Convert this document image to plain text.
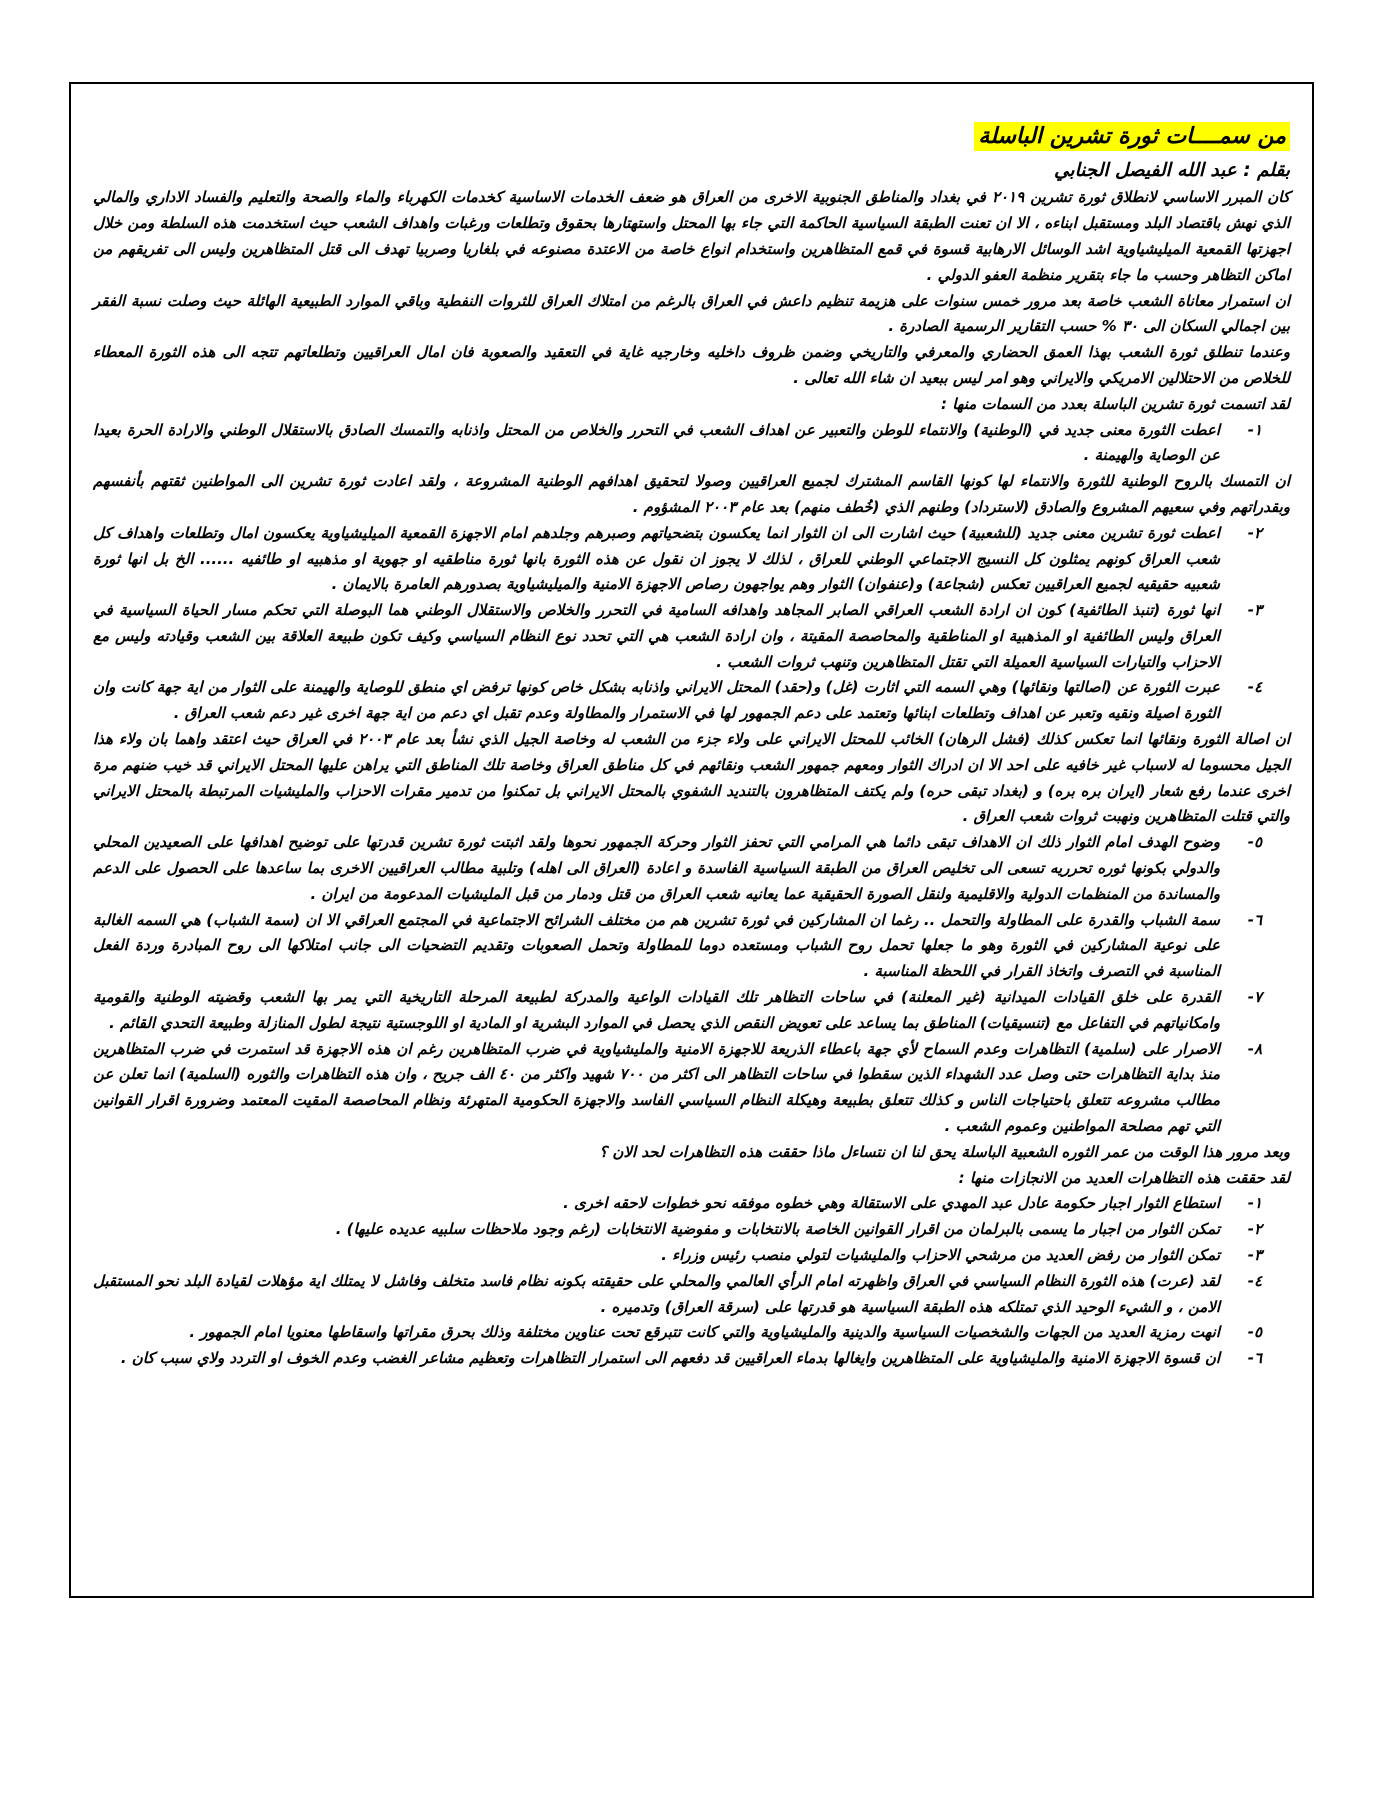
من سمــــات ثورة تشرين الباسلة
بقلم : عبد الله الفيصل الجنابي

كان المبرر الاساسي لانطلاق ثورة تشرين ٢٠١٩ في بغداد والمناطق الجنوبية الاخرى من العراق هو ضعف الخدمات الاساسية كخدمات الكهرباء والماء والصحة والتعليم والفساد الاداري والمالي الذي نهش باقتصاد البلد ومستقبل ابناءه ، الا ان تعنت الطبقة السياسية الحاكمة التي جاء بها المحتل واستهتارها بحقوق وتطلعات ورغبات واهداف الشعب حيث استخدمت هذه السلطة ومن خلال اجهزتها القمعية الميليشياوية اشد الوسائل الارهابية قسوة في قمع المتظاهرين واستخدام انواع خاصة من الاعتدة مصنوعه في بلغاريا وصربيا تهدف الى قتل المتظاهرين وليس الى تفريقهم من اماكن التظاهر وحسب ما جاء بتقرير منظمة العفو الدولي .

ان استمرار معاناة الشعب خاصة بعد مرور خمس سنوات على هزيمة تنظيم داعش في العراق بالرغم من امتلاك العراق للثروات النفطية وباقي الموارد الطبيعية الهائلة حيث وصلت نسبة الفقر بين اجمالي السكان الى ٣٠ % حسب التقارير الرسمية الصادرة .

وعندما تنطلق ثورة الشعب بهذا العمق الحضاري والمعرفي والتاريخي وضمن ظروف داخليه وخارجيه غاية في التعقيد والصعوبة فان امال العراقيين وتطلعاتهم تتجه الى هذه الثورة المعطاء للخلاص من الاحتلالين الامريكي والايراني وهو امر ليس ببعيد ان شاء الله تعالى .

لقد اتسمت ثورة تشرين الباسلة بعدد من السمات منها :

١-
اعطت الثورة معنى جديد في (الوطنية) والانتماء للوطن والتعبير عن اهداف الشعب في التحرر والخلاص من المحتل واذنابه والتمسك الصادق بالاستقلال الوطني والارادة الحرة بعيدا عن الوصاية والهيمنة .

ان التمسك بالروح الوطنية للثورة والانتماء لها كونها القاسم المشترك لجميع العراقيين وصولا لتحقيق اهدافهم الوطنية المشروعة ، ولقد اعادت ثورة تشرين الى المواطنين ثقتهم بأنفسهم وبقدراتهم وفي سعيهم المشروع والصادق (لاسترداد) وطنهم الذي (خُطف منهم) بعد عام ٢٠٠٣ المشؤوم .

٢-
اعطت ثورة تشرين معنى جديد (للشعبية) حيث اشارت الى ان الثوار انما يعكسون بتضحياتهم وصبرهم وجلدهم امام الاجهزة القمعية الميليشياوية يعكسون امال وتطلعات واهداف كل شعب العراق كونهم يمثلون كل النسيج الاجتماعي الوطني للعراق ، لذلك لا يجوز ان نقول عن هذه الثورة بانها ثورة مناطقيه او جهوية او مذهبيه او طائفيه ...... الخ بل انها ثورة شعبيه حقيقيه لجميع العراقيين تعكس (شجاعة) و(عنفوان) الثوار وهم يواجهون رصاص الاجهزة الامنية والميليشياوية بصدورهم العامرة بالايمان .
٣-
انها ثورة (تنبذ الطائفية) كون ان ارادة الشعب العراقي الصابر المجاهد واهدافه السامية في التحرر والخلاص والاستقلال الوطني هما البوصلة التي تحكم مسار الحياة السياسية في العراق وليس الطائفية او المذهبية او المناطقية والمحاصصة المقيتة ، وان ارادة الشعب هي التي تحدد نوع النظام السياسي وكيف تكون طبيعة العلاقة بين الشعب وقيادته وليس مع الاحزاب والتيارات السياسية العميلة التي تقتل المتظاهرين وتنهب ثروات الشعب .
٤-
عبرت الثورة عن (اصالتها ونقائها) وهي السمه التي اثارت (غل) و(حقد) المحتل الايراني واذنابه بشكل خاص كونها ترفض اي منطق للوصاية والهيمنة على الثوار من اية جهة كانت وان الثورة اصيلة ونقيه وتعبر عن اهداف وتطلعات ابنائها وتعتمد على دعم الجمهور لها في الاستمرار والمطاولة وعدم تقبل اي دعم من اية جهة اخرى غير دعم شعب العراق .

ان اصالة الثورة ونقائها انما تعكس كذلك (فشل الرهان) الخائب للمحتل الايراني على ولاء جزء من الشعب له وخاصة الجيل الذي نشأ بعد عام ٢٠٠٣ في العراق حيث اعتقد واهما بان ولاء هذا الجيل محسوما له لاسباب غير خافيه على احد الا ان ادراك الثوار ومعهم جمهور الشعب ونقائهم في كل مناطق العراق وخاصة تلك المناطق التي يراهن عليها المحتل الايراني قد خيب ضنهم مرة اخرى عندما رفع شعار (ايران بره بره) و (بغداد تبقى حره) ولم يكتف المتظاهرون بالتنديد الشفوي بالمحتل الايراني بل تمكنوا من تدمير مقرات الاحزاب والمليشيات المرتبطة بالمحتل الايراني والتي قتلت المتظاهرين ونهبت ثروات شعب العراق .

٥-
وضوح الهدف امام الثوار ذلك ان الاهداف تبقى دائما هي المرامي التي تحفز الثوار وحركة الجمهور نحوها ولقد اثبتت ثورة تشرين قدرتها على توضيح اهدافها على الصعيدين المحلي والدولي بكونها ثوره تحرريه تسعى الى تخليص العراق من الطبقة السياسية الفاسدة و اعادة (العراق الى اهله) وتلبية مطالب العراقيين الاخرى بما ساعدها على الحصول على الدعم والمساندة من المنظمات الدولية والاقليمية ولنقل الصورة الحقيقية عما يعانيه شعب العراق من قتل ودمار من قبل المليشيات المدعومة من ايران .
٦-
سمة الشباب والقدرة على المطاولة والتحمل .. رغما ان المشاركين في ثورة تشرين هم من مختلف الشرائح الاجتماعية في المجتمع العراقي الا ان (سمة الشباب) هي السمه الغالبة على نوعية المشاركين في الثورة وهو ما جعلها تحمل روح الشباب ومستعده دوما للمطاولة وتحمل الصعوبات وتقديم التضحيات الى جانب امتلاكها الى روح المبادرة وردة الفعل المناسبة في التصرف واتخاذ القرار في اللحظة المناسبة .
٧-
القدرة على خلق القيادات الميدانية (غير المعلنة) في ساحات التظاهر تلك القيادات الواعية والمدركة لطبيعة المرحلة التاريخية التي يمر بها الشعب وقضيته الوطنية والقومية وامكانياتهم في التفاعل مع (تنسيقيات) المناطق بما يساعد على تعويض النقص الذي يحصل في الموارد البشرية او المادية او اللوجستية نتيجة لطول المنازلة وطبيعة التحدي القائم .
٨-
الاصرار على (سلمية) التظاهرات وعدم السماح لأي جهة باعطاء الذريعة للاجهزة الامنية والمليشياوية في ضرب المتظاهرين رغم ان هذه الاجهزة قد استمرت في ضرب المتظاهرين منذ بداية التظاهرات حتى وصل عدد الشهداء الذين سقطوا في ساحات التظاهر الى اكثر من ٧٠٠ شهيد واكثر من ٤٠ الف جريح ، وان هذه التظاهرات والثوره (السلمية) انما تعلن عن مطالب مشروعه تتعلق باحتياجات الناس و كذلك تتعلق بطبيعة وهيكلة النظام السياسي الفاسد والاجهزة الحكومية المتهرئة ونظام المحاصصة المقيت المعتمد وضرورة اقرار القوانين التي تهم مصلحة المواطنين وعموم الشعب .

وبعد مرور هذا الوقت من عمر الثوره الشعبية الباسلة يحق لنا ان نتساءل ماذا حققت هذه التظاهرات لحد الان ؟

لقد حققت هذه التظاهرات العديد من الانجازات منها :

١-
استطاع الثوار اجبار حكومة عادل عبد المهدي على الاستقالة وهي خطوه موفقه نحو خطوات لاحقه اخرى .
٢-
تمكن الثوار من اجبار ما يسمى بالبرلمان من اقرار القوانين الخاصة بالانتخابات و مفوضية الانتخابات (رغم وجود ملاحظات سلبيه عديده عليها) .
٣-
تمكن الثوار من رفض العديد من مرشحي الاحزاب والمليشيات لتولي منصب رئيس وزراء .
٤-
لقد (عرت) هذه الثورة النظام السياسي في العراق واظهرته امام الرأي العالمي والمحلي على حقيقته بكونه نظام فاسد متخلف وفاشل لا يمتلك اية مؤهلات لقيادة البلد نحو المستقبل الامن ، و الشيء الوحيد الذي تمتلكه هذه الطبقة السياسية هو قدرتها على (سرقة العراق) وتدميره .
٥-
انهت رمزية العديد من الجهات والشخصيات السياسية والدينية والمليشياوية والتي كانت تتبرقع تحت عناوين مختلفة وذلك بحرق مقراتها واسقاطها معنويا امام الجمهور .
٦-
ان قسوة الاجهزة الامنية والمليشياوية على المتظاهرين وايغالها بدماء العراقيين قد دفعهم الى استمرار التظاهرات وتعظيم مشاعر الغضب وعدم الخوف او التردد ولاي سبب كان .
